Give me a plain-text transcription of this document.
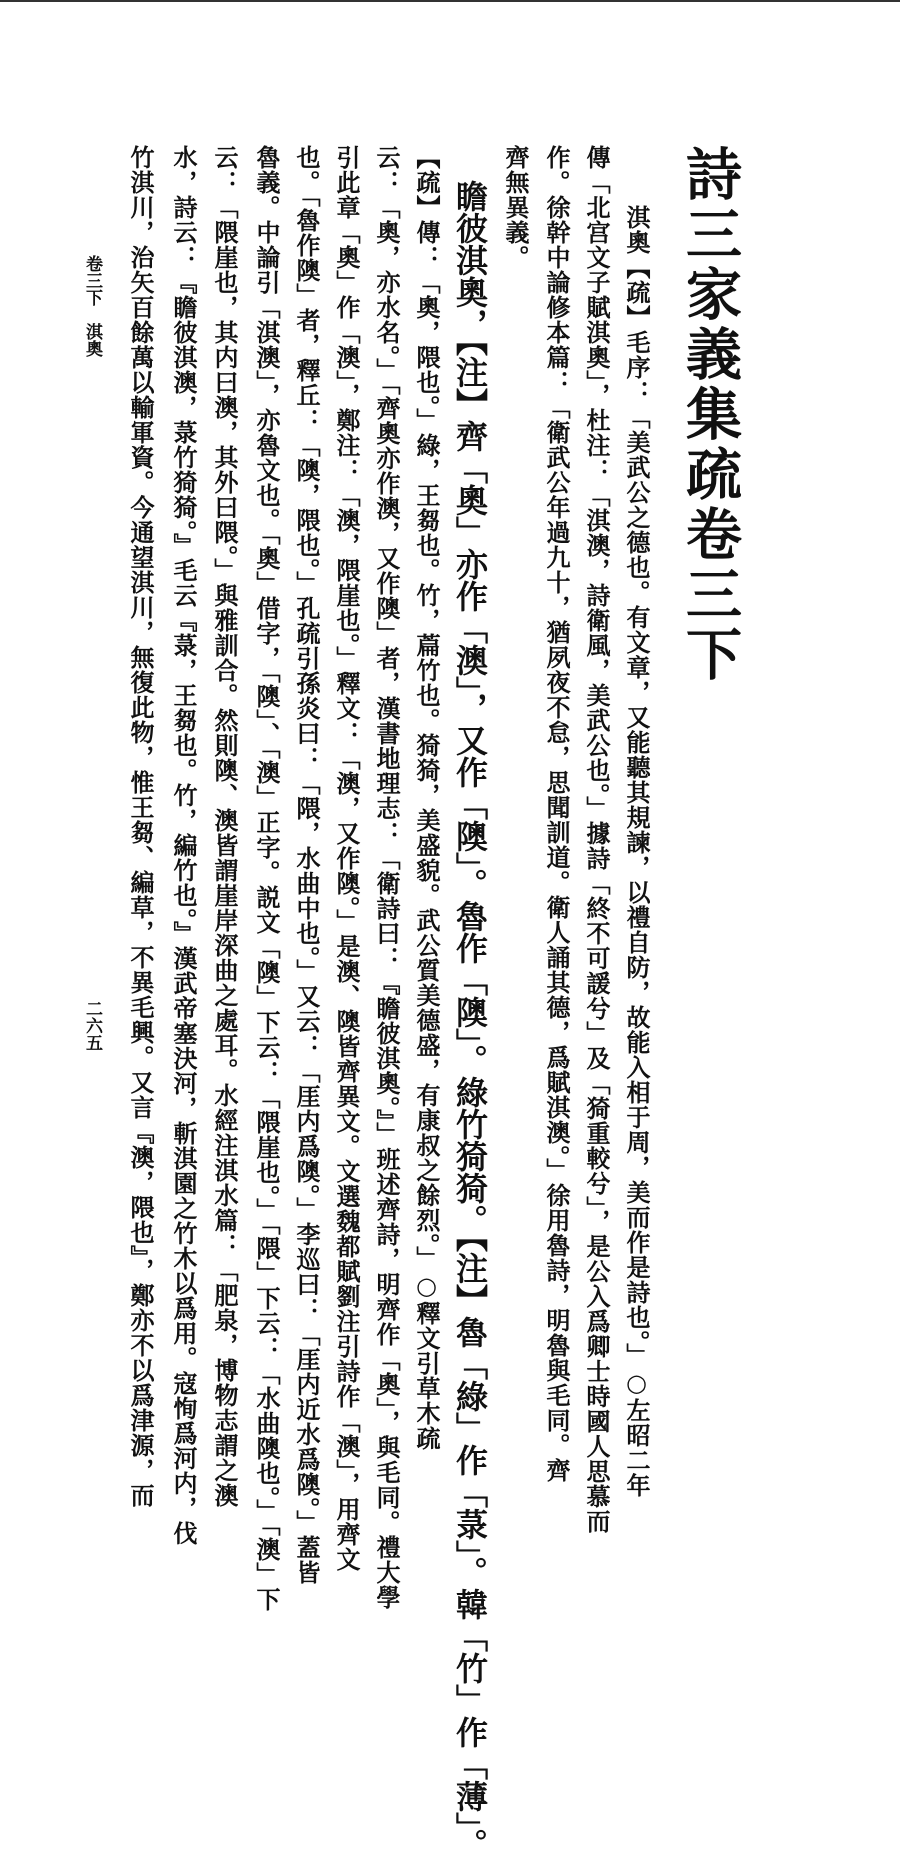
詩三家義集疏卷三下
淇奧【疏】毛序：「美武公之德也。有文章，又能聽其規諫，以禮自防，故能入相于周，美而作是詩也。」○左昭二年
傳「北宫文子賦淇奧」，杜注：「淇澳，詩衛風，美武公也。」據詩「終不可諼兮」及「猗重較兮」，是公入爲卿士時國人思慕而
作。徐幹中論修本篇：「衛武公年過九十，猶夙夜不怠，思聞訓道。衛人誦其德，爲賦淇澳。」徐用魯詩，明魯與毛同。齊
齊無異義。
瞻彼淇奧，【注】齊「奧」亦作「澳」，又作「隩」。魯作「隩」。綠竹猗猗。【注】魯「綠」作「菉」。韓「竹」作「薄」。
【疏】傳：「奧，隈也。」綠，王芻也。竹，萹竹也。猗猗，美盛貌。武公質美德盛，有康叔之餘烈。」○釋文引草木疏
云：「奧，亦水名。」「齊奧亦作澳，又作隩」者，漢書地理志：「衛詩曰：『瞻彼淇奧。』」班述齊詩，明齊作「奧」，與毛同。禮大學
引此章「奧」作「澳」，鄭注：「澳，隈崖也。」釋文：「澳，又作隩。」是澳、隩皆齊異文。文選魏都賦劉注引詩作「澳」，用齊文
也。「魯作隩」者，釋丘：「隩，隈也。」孔疏引孫炎曰：「隈，水曲中也。」又云：「厓内爲隩。」李巡曰：「厓内近水爲隩。」蓋皆
魯義。中論引「淇澳」，亦魯文也。「奧」借字，「隩」、「澳」正字。説文「隩」下云：「隈崖也。」「隈」下云：「水曲隩也。」「澳」下
云：「隈崖也，其内曰澳，其外曰隈。」與雅訓合。然則隩、澳皆謂崖岸深曲之處耳。水經注淇水篇：「肥泉，博物志謂之澳
水，詩云：『瞻彼淇澳，菉竹猗猗。』毛云『菉，王芻也。竹，編竹也。』漢武帝塞決河，斬淇園之竹木以爲用。寇恂爲河内，伐
竹淇川，治矢百餘萬以輸軍資。今通望淇川，無復此物，惟王芻、編草，不異毛興。又言『澳，隈也』，鄭亦不以爲津源，而
卷三下　淇奧
二六五
